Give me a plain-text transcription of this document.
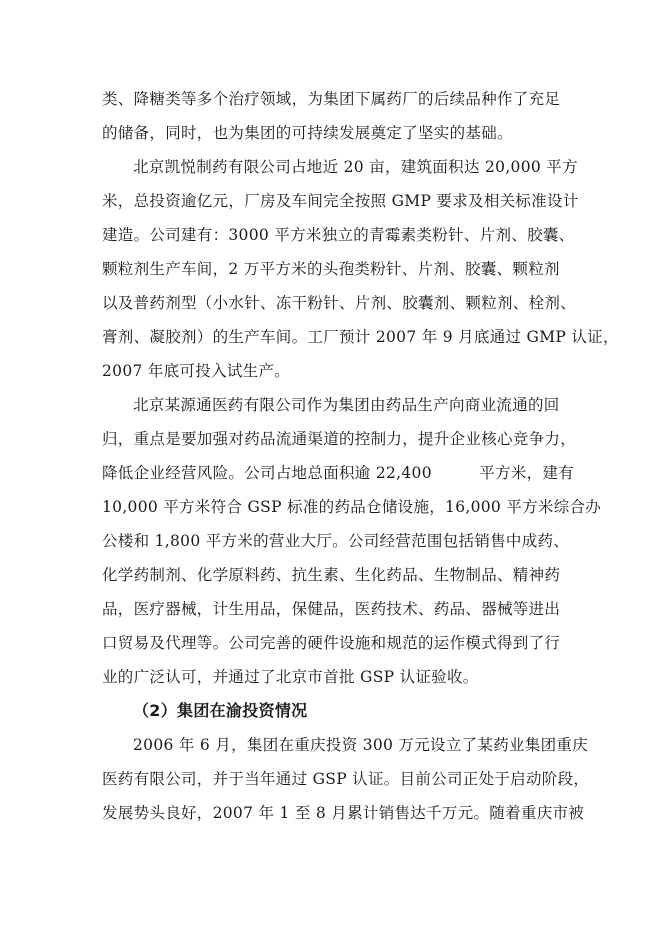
类、降糖类等多个治疗领域，为集团下属药厂的后续品种作了充足
的储备，同时，也为集团的可持续发展奠定了坚实的基础。
北京凯悦制药有限公司占地近 20 亩，建筑面积达 20,000 平方
米，总投资逾亿元，厂房及车间完全按照 GMP 要求及相关标准设计
建造。公司建有：3000 平方米独立的青霉素类粉针、片剂、胶囊、
颗粒剂生产车间，2 万平方米的头孢类粉针、片剂、胶囊、颗粒剂
以及普药剂型（小水针、冻干粉针、片剂、胶囊剂、颗粒剂、栓剂、
膏剂、凝胶剂）的生产车间。工厂预计 2007 年 9 月底通过 GMP 认证，
2007 年底可投入试生产。
北京某源通医药有限公司作为集团由药品生产向商业流通的回
归，重点是要加强对药品流通渠道的控制力，提升企业核心竞争力，
降低企业经营风险。公司占地总面积逾 22,400　　　平方米，建有
10,000 平方米符合 GSP 标准的药品仓储设施，16,000 平方米综合办
公楼和 1,800 平方米的营业大厅。公司经营范围包括销售中成药、
化学药制剂、化学原料药、抗生素、生化药品、生物制品、精神药
品，医疗器械，计生用品，保健品，医药技术、药品、器械等进出
口贸易及代理等。公司完善的硬件设施和规范的运作模式得到了行
业的广泛认可，并通过了北京市首批 GSP 认证验收。
（2）集团在渝投资情况
2006 年 6 月，集团在重庆投资 300 万元设立了某药业集团重庆
医药有限公司，并于当年通过 GSP 认证。目前公司正处于启动阶段，
发展势头良好，2007 年 1 至 8 月累计销售达千万元。随着重庆市被
